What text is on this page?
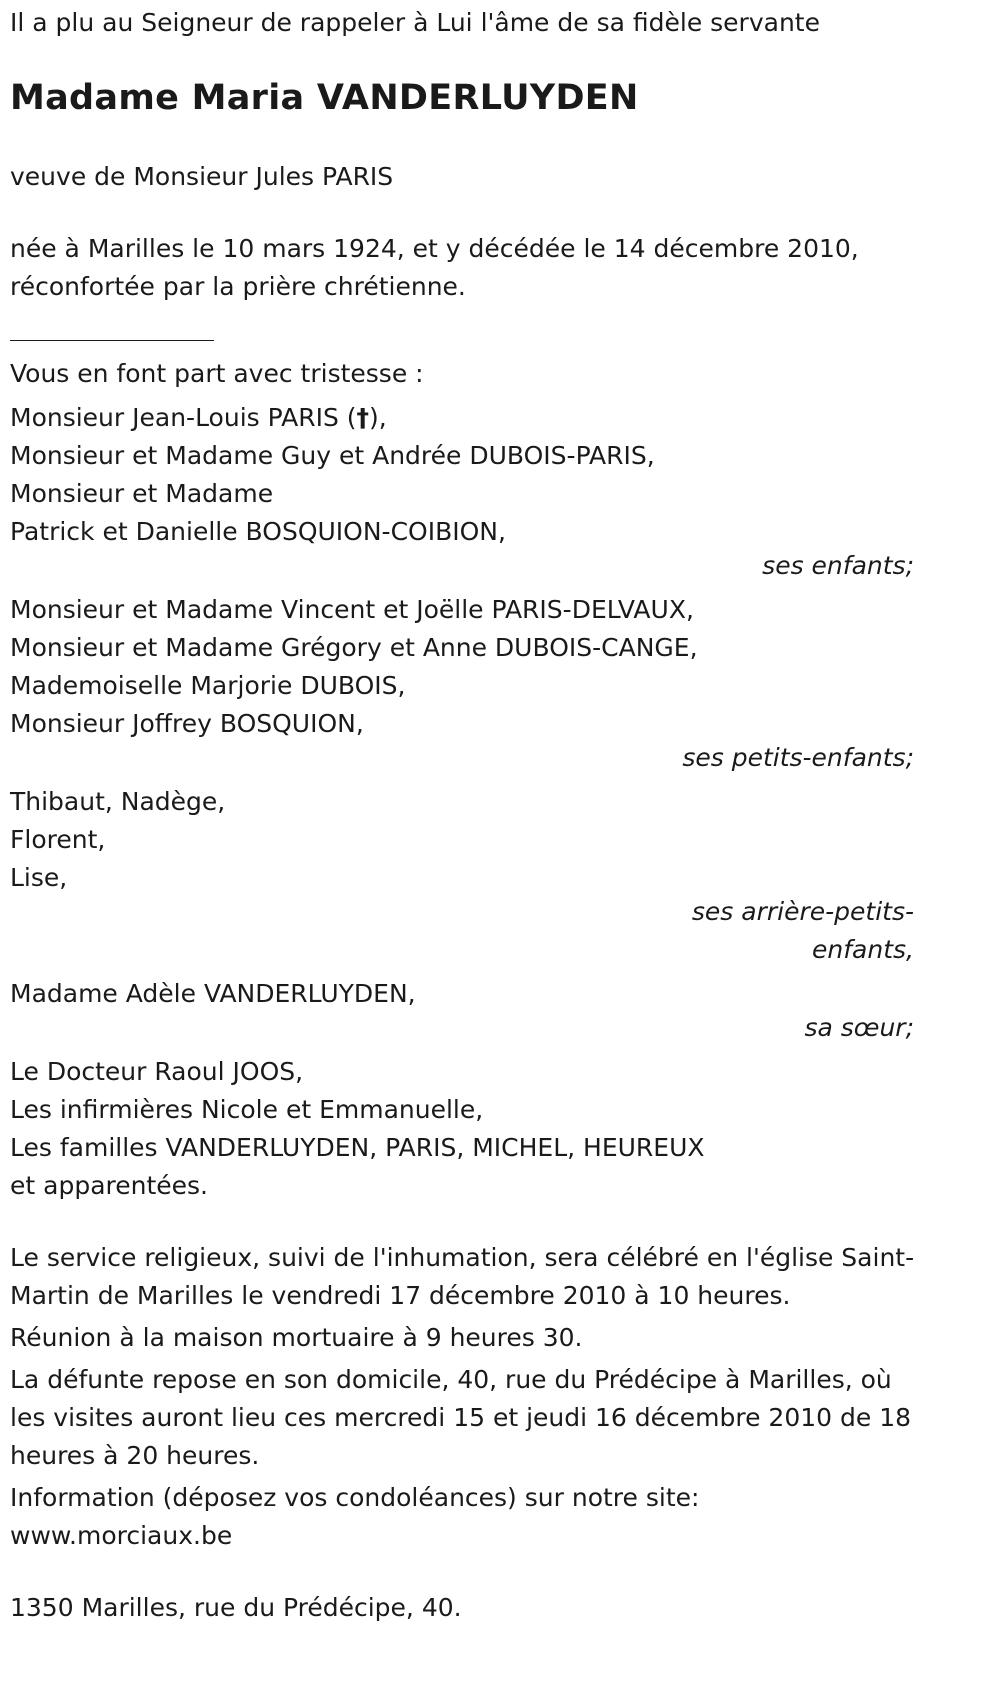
Il a plu au Seigneur de rappeler à Lui l'âme de sa fidèle servante
Madame Maria VANDERLUYDEN
veuve de Monsieur Jules PARIS
née à Marilles le 10 mars 1924, et y décédée le 14 décembre 2010,
réconfortée par la prière chrétienne.
Vous en font part avec tristesse :
Monsieur Jean-Louis PARIS (†),
Monsieur et Madame Guy et Andrée DUBOIS-PARIS,
Monsieur et Madame
Patrick et Danielle BOSQUION-COIBION,
ses enfants;
Monsieur et Madame Vincent et Joëlle PARIS-DELVAUX,
Monsieur et Madame Grégory et Anne DUBOIS-CANGE,
Mademoiselle Marjorie DUBOIS,
Monsieur Joffrey BOSQUION,
ses petits-enfants;
Thibaut, Nadège,
Florent,
Lise,
ses arrière-petits-
enfants,
Madame Adèle VANDERLUYDEN,
sa sœur;
Le Docteur Raoul JOOS,
Les infirmières Nicole et Emmanuelle,
Les familles VANDERLUYDEN, PARIS, MICHEL, HEUREUX
et apparentées.
Le service religieux, suivi de l'inhumation, sera célébré en l'église Saint-
Martin de Marilles le vendredi 17 décembre 2010 à 10 heures.
Réunion à la maison mortuaire à 9 heures 30.
La défunte repose en son domicile, 40, rue du Prédécipe à Marilles, où
les visites auront lieu ces mercredi 15 et jeudi 16 décembre 2010 de 18
heures à 20 heures.
Information (déposez vos condoléances) sur notre site:
www.morciaux.be
1350 Marilles, rue du Prédécipe, 40.
